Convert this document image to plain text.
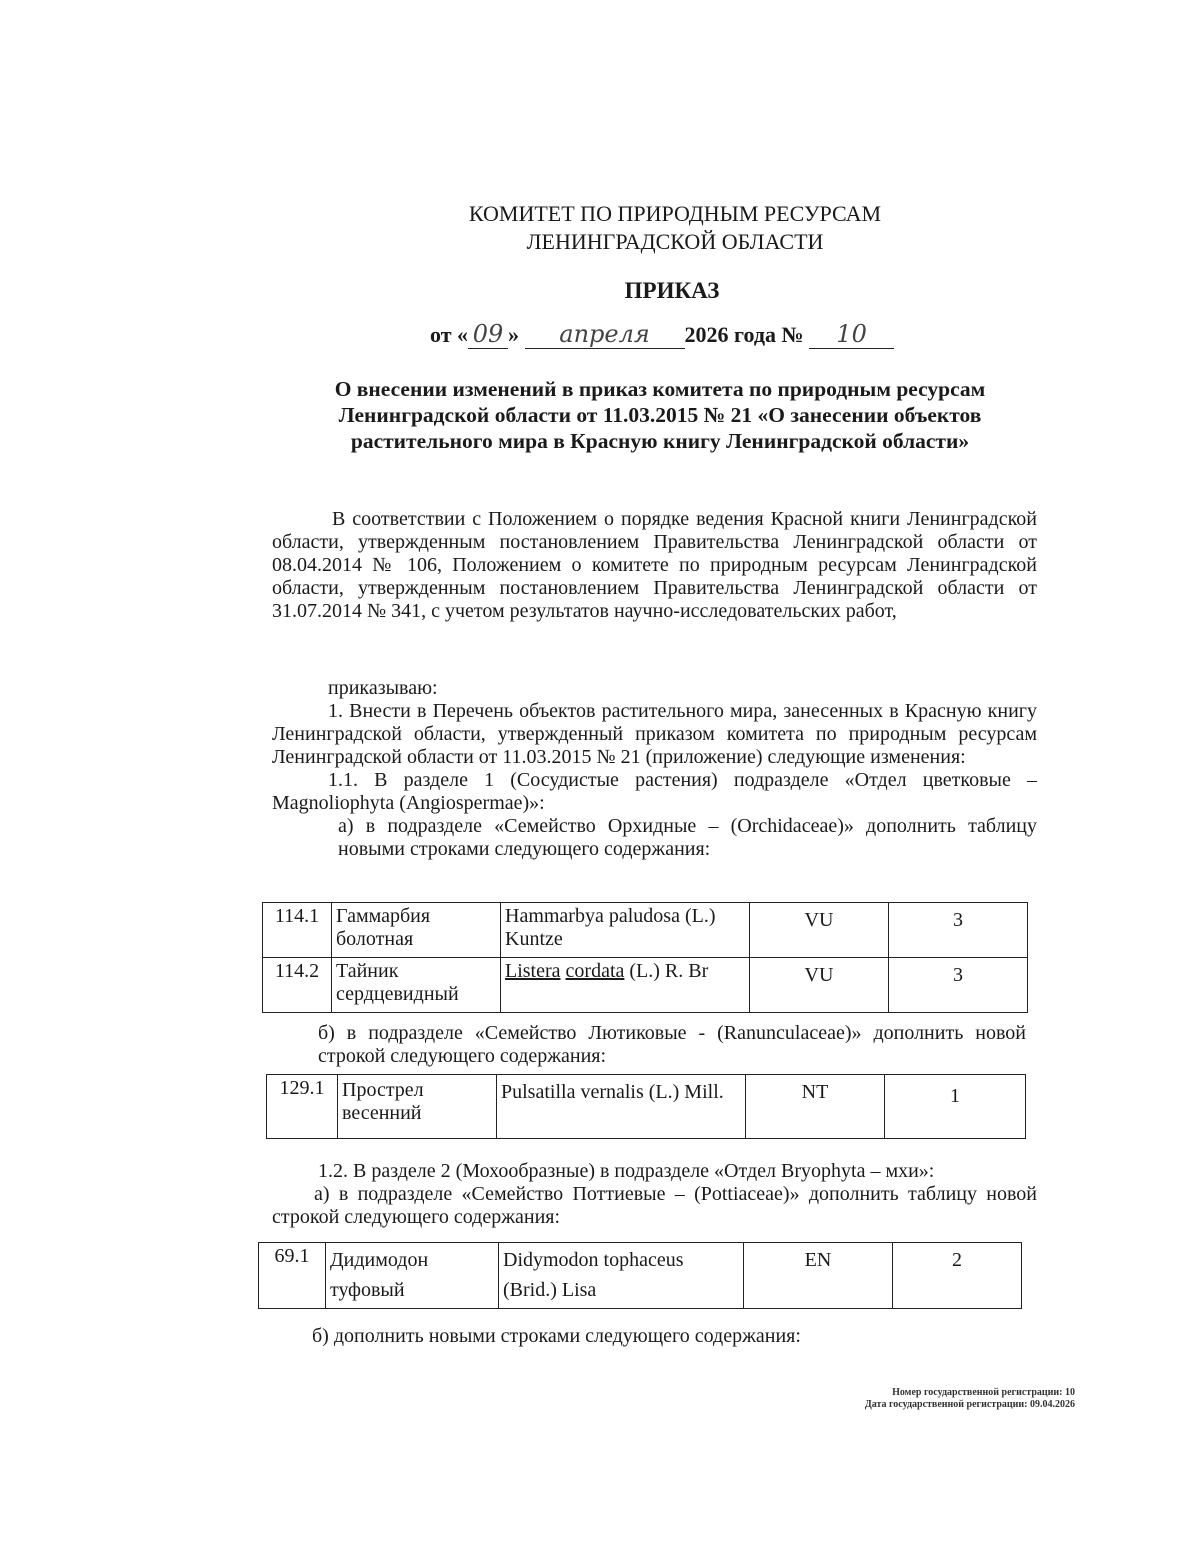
КОМИТЕТ ПО ПРИРОДНЫМ РЕСУРСАМ
ЛЕНИНГРАДСКОЙ ОБЛАСТИ
ПРИКАЗ
от « 09 » апреля 2026 года № 10
О внесении изменений в приказ комитета по природным ресурсам
Ленинградской области от 11.03.2015 № 21 «О занесении объектов
растительного мира в Красную книгу Ленинградской области»

В соответствии с Положением о порядке ведения Красной книги Ленинградской области, утвержденным постановлением Правительства Ленинградской области от 08.04.2014 № 106, Положением о комитете по природным ресурсам Ленинградской области, утвержденным постановлением Правительства Ленинградской области от 31.07.2014 № 341, с учетом результатов научно-исследовательских работ,

приказываю:

1. Внести в Перечень объектов растительного мира, занесенных в Красную книгу Ленинградской области, утвержденный приказом комитета по природным ресурсам Ленинградской области от 11.03.2015 № 21 (приложение) следующие изменения:

1.1. В разделе 1 (Сосудистые растения) подразделе «Отдел цветковые – Magnoliophyta (Angiospermae)»:

а) в подразделе «Семейство Орхидные – (Orchidaceae)» дополнить таблицу новыми строками следующего содержания:

114.1	Гаммарбия болотная	Hammarbya paludosa (L.) Kuntze	VU	3
114.2	Тайник сердцевидный	Listera cordata (L.) R. Br	VU	3

б) в подразделе «Семейство Лютиковые - (Ranunculaceae)» дополнить новой строкой следующего содержания:

129.1	Прострел весенний	Pulsatilla vernalis (L.) Mill.	NT	1

1.2. В разделе 2 (Мохообразные) в подразделе «Отдел Bryophyta – мхи»:

а) в подразделе «Семейство Поттиевые – (Pottiaceae)» дополнить таблицу новой строкой следующего содержания:

69.1	Дидимодон туфовый	Didymodon tophaceus (Brid.) Lisa	EN	2

б) дополнить новыми строками следующего содержания:

Номер государственной регистрации: 10
Дата государственной регистрации: 09.04.2026
